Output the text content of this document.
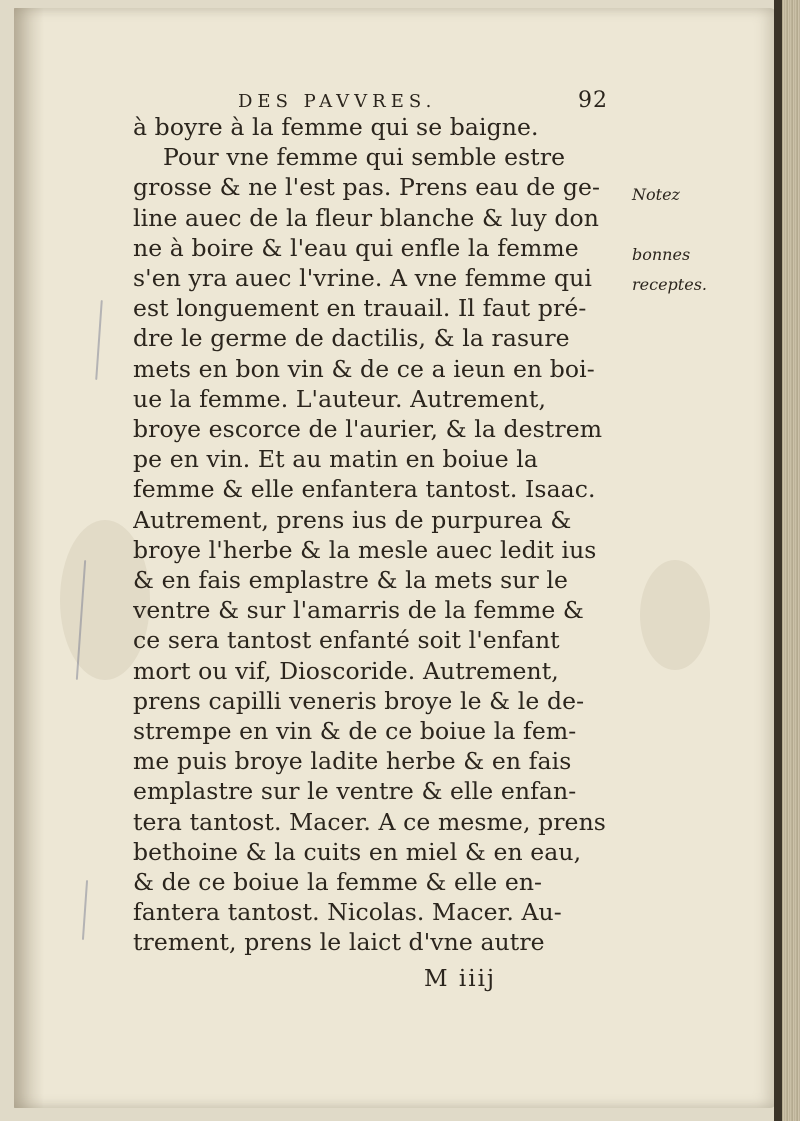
DES PAVVRES.	92
à boyre à la femme qui se baigne.
Pour vne femme qui semble estre
grosse & ne l'est pas. Prens eau de ge-
line auec de la fleur blanche & luy don
ne à boire & l'eau qui enfle la femme
s'en yra auec l'vrine. A vne femme qui
est longuement en trauail. Il faut pré-
dre le germe de dactilis, & la rasure
mets en bon vin & de ce a ieun en boi-
ue la femme. L'auteur. Autrement,
broye escorce de l'aurier, & la destrem
pe en vin. Et au matin en boiue la
femme & elle enfantera tantost. Isaac.
Autrement, prens ius de purpurea &
broye l'herbe & la mesle auec ledit ius
& en fais emplastre & la mets sur le
ventre & sur l'amarris de la femme &
ce sera tantost enfanté soit l'enfant
mort ou vif, Dioscoride. Autrement,
prens capilli veneris broye le & le de-
strempe en vin & de ce boiue la fem-
me puis broye ladite herbe & en fais
emplastre sur le ventre & elle enfan-
tera tantost. Macer. A ce mesme, prens
bethoine & la cuits en miel & en eau,
& de ce boiue la femme & elle en-
fantera tantost. Nicolas. Macer. Au-
trement, prens le laict d'vne autre
Notez
bonnes
receptes.
M iiij
